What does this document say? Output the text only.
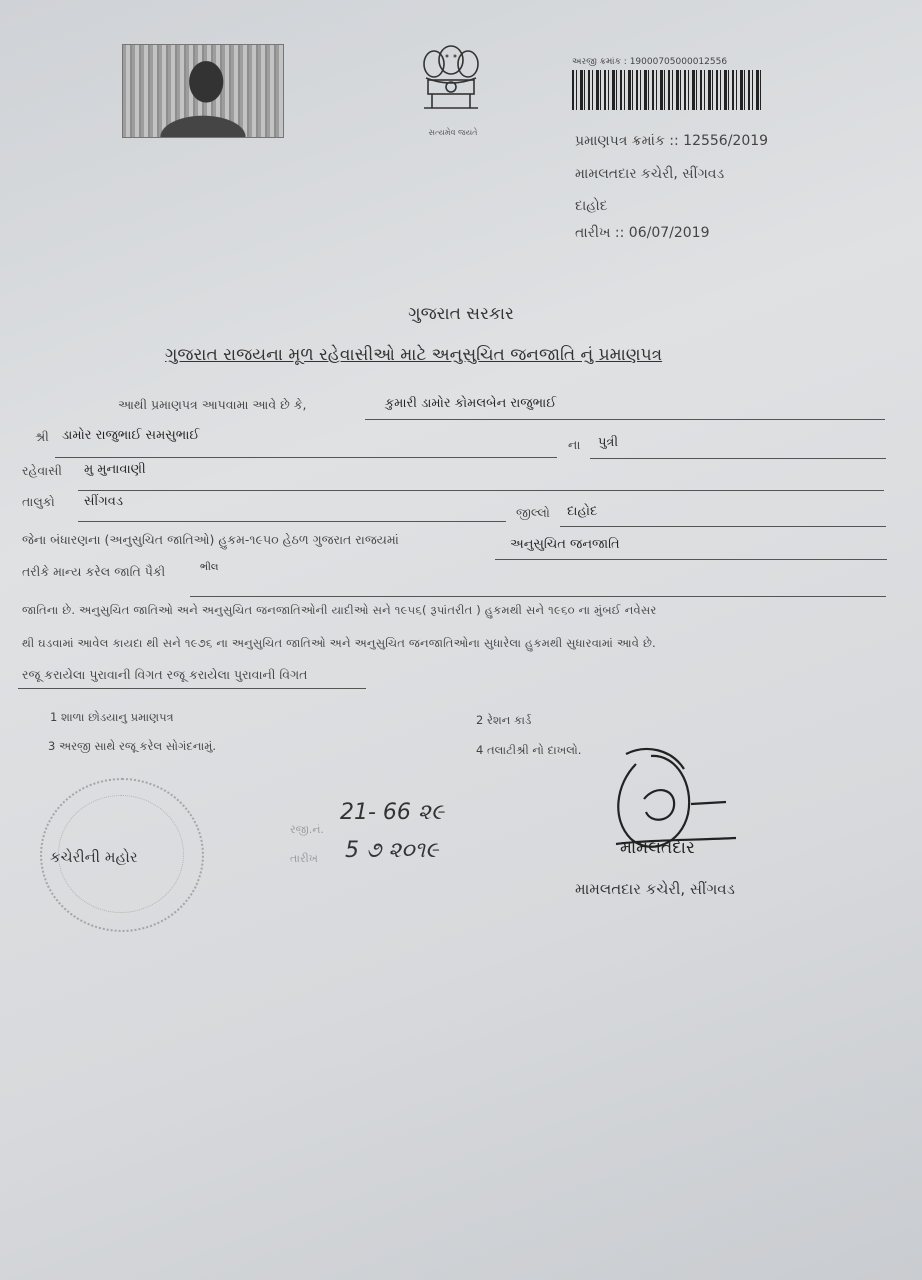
સત્યમેવ જયતે
અરજી ક્રમાંક : 19000705000012556
પ્રમાણપત્ર ક્રમાંક :: 12556/2019
મામલતદાર કચેરી, સીંગવડ
દાહોદ
તારીખ :: 06/07/2019
ગુજરાત સરકાર
ગુજરાત રાજયના મૂળ રહેવાસીઓ માટે અનુસુચિત જનજાતિ નું પ્રમાણપત્ર
આથી પ્રમાણપત્ર આપવામા આવે છે કે,	કુમારી ડામોર કોમલબેન રાજુભાઈ
શ્રી ડામોર રાજુભાઈ સમસુભાઈ
ના પુત્રી
રહેવાસી મુ મુનાવાણી
તાલુકો સીંગવડ
જીલ્લો દાહોદ
જેના બંધારણના (અનુસુચિત જાતિઓ) હુકમ-૧૯૫૦ હેઠળ ગુજરાત રાજયમાં	અનુસુચિત જનજાતિ
તરીકે માન્ય કરેલ જાતિ પૈકી	ભીલ
જાતિના છે. અનુસુચિત જાતિઓ અને અનુસુચિત જનજાતિઓની યાદીઓ સને ૧૯૫૬( રૂપાંતરીત ) હુકમથી સને ૧૯૬૦ ના મુંબઈ નવેસર
થી ઘડવામાં આવેલ કાયદા થી સને ૧૯૭૬ ના અનુસુચિત જાતિઓ અને અનુસુચિત જનજાતિઓના સુધારેલા હુકમથી સુધારવામાં આવે છે.
રજૂ કરાયેલા પુરાવાની વિગત રજૂ કરાયેલા પુરાવાની વિગત
1 શાળા છોડયાનુ પ્રમાણપત્ર	2 રેશન કાર્ડ
3 અરજી સાથે રજૂ કરેલ સોગંદનામું.	4 તલાટીશ્રી નો દાખલો.
કચેરીની મહોર
રજી.નં.
તારીખ
21- 66 ૨૯
5 ૭ ૨૦૧૯	મામલતદાર
મામલતદાર કચેરી, સીંગવડ
